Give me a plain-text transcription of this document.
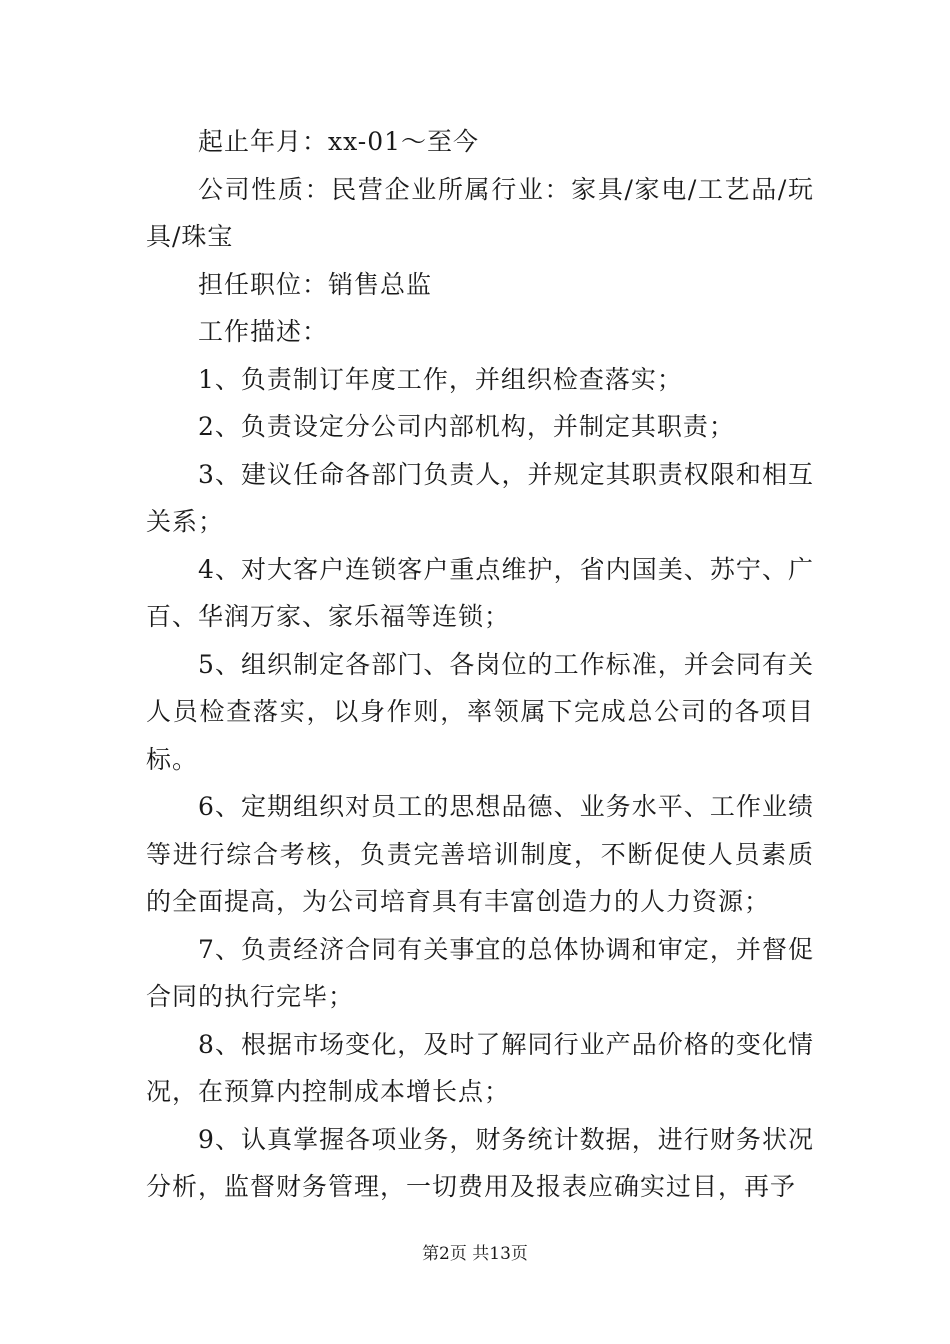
起止年月：xx-01～至今

公司性质：民营企业所属行业：家具/家电/工艺品/玩具/珠宝

担任职位：销售总监

工作描述：

1、负责制订年度工作，并组织检查落实；

2、负责设定分公司内部机构，并制定其职责；

3、建议任命各部门负责人，并规定其职责权限和相互关系；

4、对大客户连锁客户重点维护，省内国美、苏宁、广百、华润万家、家乐福等连锁；

5、组织制定各部门、各岗位的工作标准，并会同有关人员检查落实，以身作则，率领属下完成总公司的各项目标。

6、定期组织对员工的思想品德、业务水平、工作业绩等进行综合考核，负责完善培训制度，不断促使人员素质的全面提高，为公司培育具有丰富创造力的人力资源；

7、负责经济合同有关事宜的总体协调和审定，并督促合同的执行完毕；

8、根据市场变化，及时了解同行业产品价格的变化情况，在预算内控制成本增长点；

9、认真掌握各项业务，财务统计数据，进行财务状况分析，监督财务管理，一切费用及报表应确实过目，再予

第2页 共13页
